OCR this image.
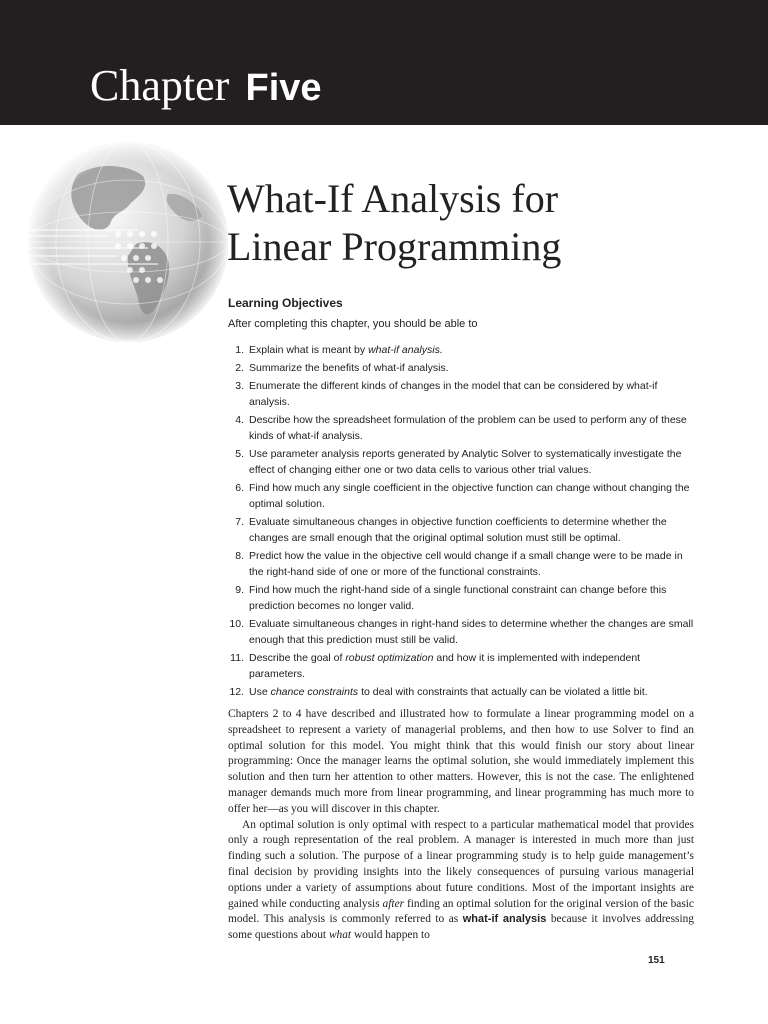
Chapter Five
What-If Analysis for
Linear Programming
Learning Objectives

After completing this chapter, you should be able to

1. Explain what is meant by what-if analysis.
2. Summarize the benefits of what-if analysis.
3. Enumerate the different kinds of changes in the model that can be considered by what-if analysis.
4. Describe how the spreadsheet formulation of the problem can be used to perform any of these kinds of what-if analysis.
5. Use parameter analysis reports generated by Analytic Solver to systematically investigate the effect of changing either one or two data cells to various other trial values.
6. Find how much any single coefficient in the objective function can change without changing the optimal solution.
7. Evaluate simultaneous changes in objective function coefficients to determine whether the changes are small enough that the original optimal solution must still be optimal.
8. Predict how the value in the objective cell would change if a small change were to be made in the right-hand side of one or more of the functional constraints.
9. Find how much the right-hand side of a single functional constraint can change before this prediction becomes no longer valid.
10. Evaluate simultaneous changes in right-hand sides to determine whether the changes are small enough that this prediction must still be valid.
11. Describe the goal of robust optimization and how it is implemented with independent parameters.
12. Use chance constraints to deal with constraints that actually can be violated a little bit.

Chapters 2 to 4 have described and illustrated how to formulate a linear programming model on a spreadsheet to represent a variety of managerial problems, and then how to use Solver to find an optimal solution for this model. You might think that this would finish our story about linear programming: Once the manager learns the optimal solution, she would immediately implement this solution and then turn her attention to other matters. However, this is not the case. The enlightened manager demands much more from linear programming, and linear programming has much more to offer her—as you will discover in this chapter.

An optimal solution is only optimal with respect to a particular mathematical model that provides only a rough representation of the real problem. A manager is interested in much more than just finding such a solution. The purpose of a linear programming study is to help guide management’s final decision by providing insights into the likely consequences of pursuing various managerial options under a variety of assumptions about future conditions. Most of the important insights are gained while conducting analysis after finding an optimal solution for the original version of the basic model. This analysis is commonly referred to as what-if analysis because it involves addressing some questions about what would happen to

151
